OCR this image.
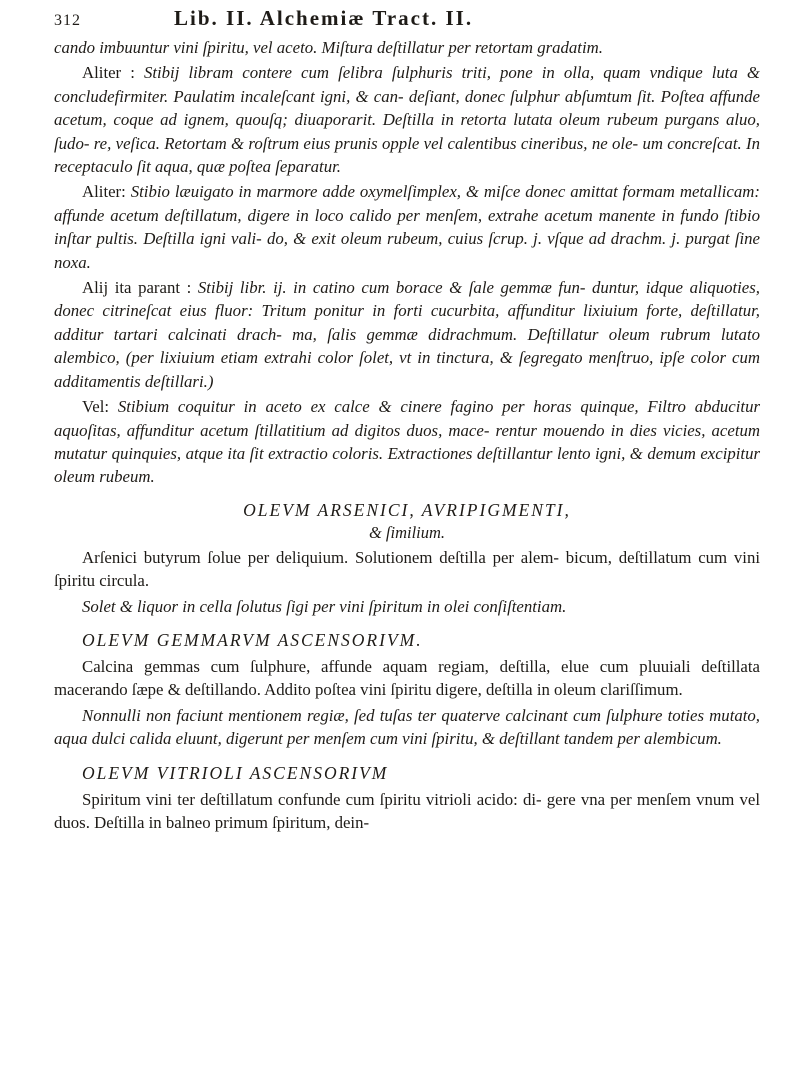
312	Lib. II. Alchemiæ Tract. II.

cando imbuuntur vini ſpiritu, vel aceto. Miſtura deſtillatur per retortam gradatim.

Aliter : Stibij libram contere cum ſelibra ſulphuris triti, pone in olla, quam vndique luta & concludefirmiter. Paulatim incaleſcant igni, & can- deſiant, donec ſulphur abſumtum ſit. Poſtea affunde acetum, coque ad ignem, quouſq; diuaporarit. Deſtilla in retorta lutata oleum rubeum purgans aluo, ſudo- re, veſica. Retortam & roſtrum eius prunis opple vel calentibus cineribus, ne ole- um concreſcat. In receptaculo ſit aqua, quæ poſtea ſeparatur.

Aliter: Stibio læuigato in marmore adde oxymelſimplex, & miſce donec amittat formam metallicam: affunde acetum deſtillatum, digere in loco calido per menſem, extrahe acetum manente in fundo ſtibio inſtar pultis. Deſtilla igni vali- do, & exit oleum rubeum, cuius ſcrup. j. vſque ad drachm. j. purgat ſine noxa.

Alij ita parant : Stibij libr. ij. in catino cum borace & ſale gemmæ fun- duntur, idque aliquoties, donec citrineſcat eius fluor: Tritum ponitur in forti cucurbita, affunditur lixiuium forte, deſtillatur, additur tartari calcinati drach- ma, ſalis gemmæ didrachmum. Deſtillatur oleum rubrum lutato alembico, (per lixiuium etiam extrahi color ſolet, vt in tinctura, & ſegregato menſtruo, ipſe color cum additamentis deſtillari.)

Vel: Stibium coquitur in aceto ex calce & cinere fagino per horas quinque, Filtro abducitur aquoſitas, affunditur acetum ſtillatitium ad digitos duos, mace- rentur mouendo in dies vicies, acetum mutatur quinquies, atque ita ſit extractio coloris. Extractiones deſtillantur lento igni, & demum excipitur oleum rubeum.

OLEVM ARSENICI, AVRIPIGMENTI,

& ſimilium.

Arſenici butyrum ſolue per deliquium. Solutionem deſtilla per alem- bicum, deſtillatum cum vini ſpiritu circula.

Solet & liquor in cella ſolutus ſigi per vini ſpiritum in olei conſiſtentiam.

OLEVM GEMMARVM ASCENSORIVM.

Calcina gemmas cum ſulphure, affunde aquam regiam, deſtilla, elue cum pluuiali deſtillata macerando ſæpe & deſtillando. Addito poſtea vini ſpiritu digere, deſtilla in oleum clariſſimum.

Nonnulli non faciunt mentionem regiæ, ſed tuſas ter quaterve calcinant cum ſulphure toties mutato, aqua dulci calida eluunt, digerunt per menſem cum vini ſpiritu, & deſtillant tandem per alembicum.

OLEVM VITRIOLI ASCENSORIVM

Spiritum vini ter deſtillatum confunde cum ſpiritu vitrioli acido: di- gere vna per menſem vnum vel duos. Deſtilla in balneo primum ſpiritum, dein-
